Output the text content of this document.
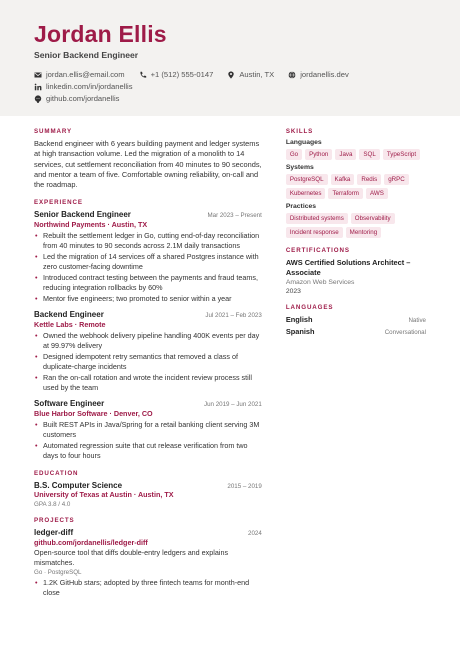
Jordan Ellis
Senior Backend Engineer
jordan.ellis@email.com	+1 (512) 555-0147	Austin, TX	jordanellis.dev
linkedin.com/in/jordanellis
github.com/jordanellis
SUMMARY
Backend engineer with 6 years building payment and ledger systems at high transaction volume. Led the migration of a monolith to 14 services, cut settlement reconciliation from 40 minutes to 90 seconds, and mentor a team of five. Comfortable owning reliability, on-call and the roadmap.
EXPERIENCE
Senior Backend Engineer	Mar 2023 – Present
Northwind Payments · Austin, TX
• Rebuilt the settlement ledger in Go, cutting end-of-day reconciliation from 40 minutes to 90 seconds across 2.1M daily transactions
• Led the migration of 14 services off a shared Postgres instance with zero customer-facing downtime
• Introduced contract testing between the payments and fraud teams, reducing integration rollbacks by 60%
• Mentor five engineers; two promoted to senior within a year
Backend Engineer	Jul 2021 – Feb 2023
Kettle Labs · Remote
• Owned the webhook delivery pipeline handling 400K events per day at 99.97% delivery
• Designed idempotent retry semantics that removed a class of duplicate-charge incidents
• Ran the on-call rotation and wrote the incident review process still used by the team
Software Engineer	Jun 2019 – Jun 2021
Blue Harbor Software · Denver, CO
• Built REST APIs in Java/Spring for a retail banking client serving 3M customers
• Automated regression suite that cut release verification from two days to four hours
EDUCATION
B.S. Computer Science	2015 – 2019
University of Texas at Austin · Austin, TX
GPA 3.8 / 4.0
PROJECTS
ledger-diff	2024
github.com/jordanellis/ledger-diff
Open-source tool that diffs double-entry ledgers and explains mismatches.
Go · PostgreSQL
• 1.2K GitHub stars; adopted by three fintech teams for month-end close
SKILLS
Languages
Go	Python	Java	SQL	TypeScript
Systems
PostgreSQL	Kafka	Redis	gRPC
Kubernetes	Terraform	AWS
Practices
Distributed systems	Observability
Incident response	Mentoring
CERTIFICATIONS
AWS Certified Solutions Architect – Associate
Amazon Web Services
2023
LANGUAGES
English	Native
Spanish	Conversational
